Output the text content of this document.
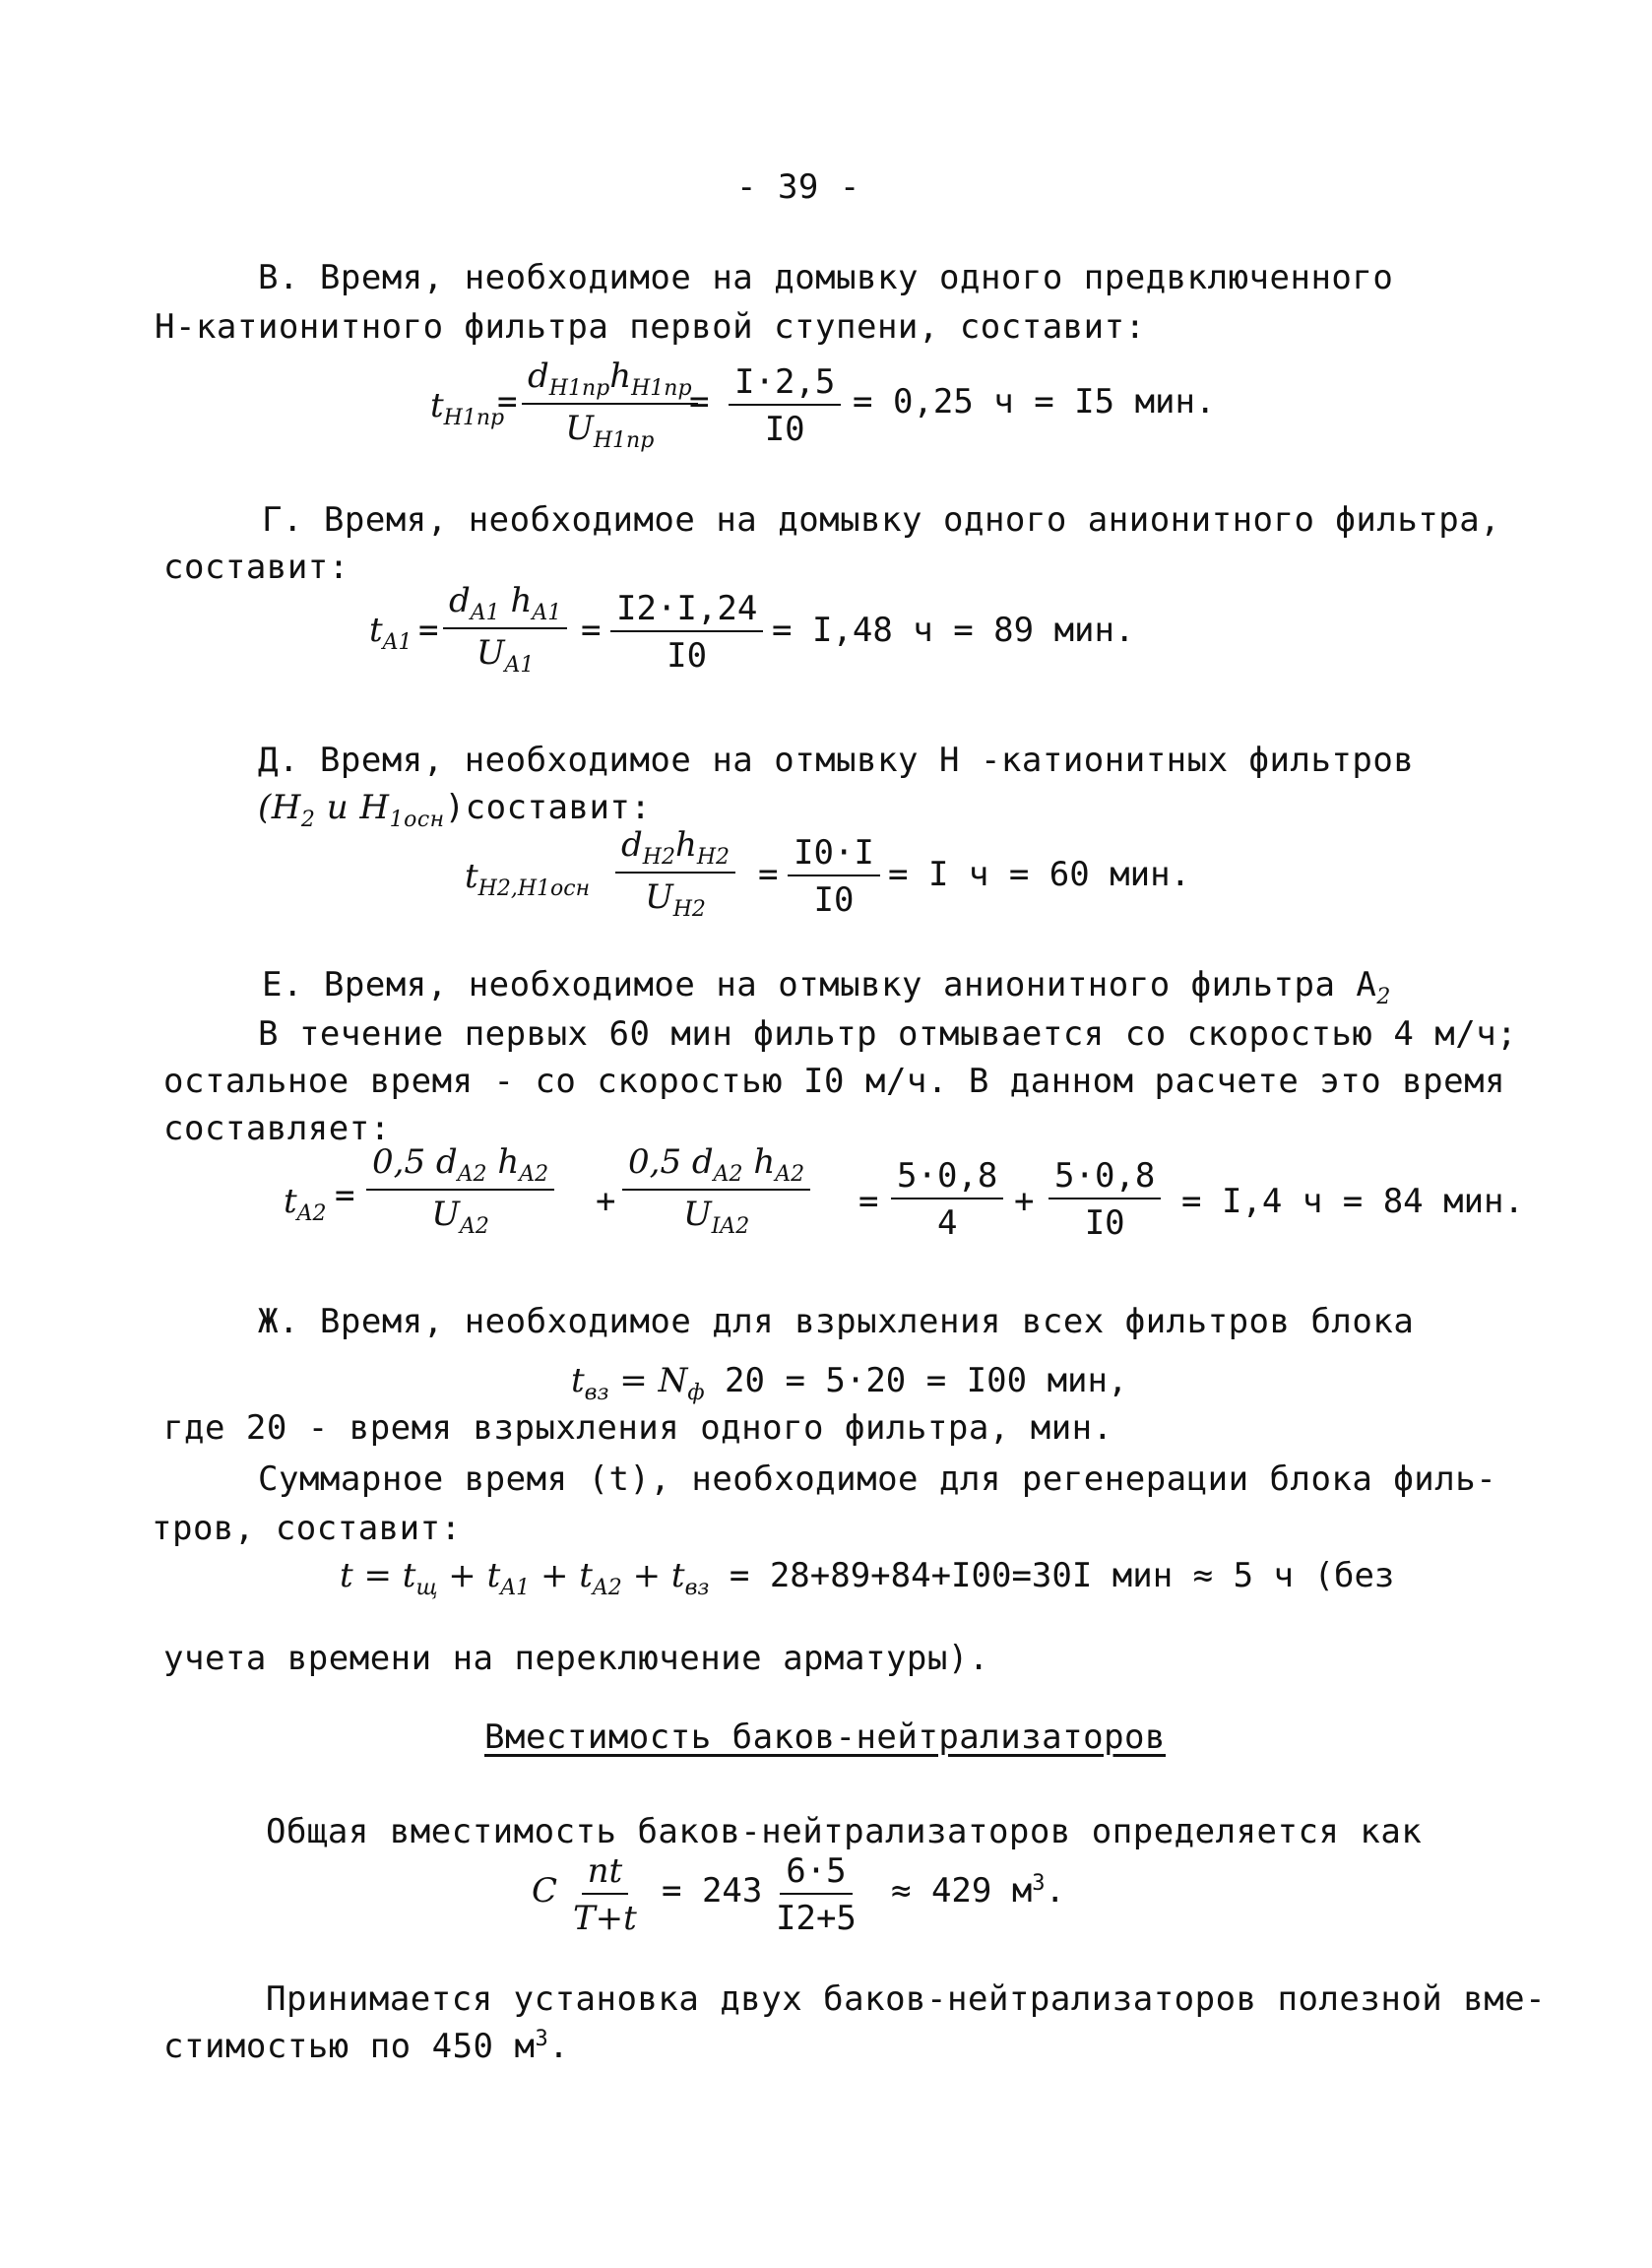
- 39 -
В. Время, необходимое на домывку одного предвключенного
Н-катионитного фильтра первой ступени, составит:
$t_{H1пр}$
=
$d_{H1пр}h_{H1пр}$
$U_{H1пр}$
= $\frac{I\cdot 2,5}{I0} = 0,25$ ч = I5 мин.
Г. Время, необходимое на домывку одного анионитного фильтра,
составит:
$t_{A1} = \frac{d_{A1} h_{A1}}{U_{A1}} = \frac{I2\cdot I,24}{I0} = I,48$ ч = 89 мин.
Д. Время, необходимое на отмывку Н -катионитных фильтров
($H_2$ и $H_{1осн})составит$:
$t_{H2,H1осн} \frac{d_{H2}h_{H2}}{U_{H2}} = \frac{I0\cdot I}{I0} = I$ ч = 60 мин.
Е. Время, необходимое на отмывку анионитного фильтра $A_2$
В течение первых 60 мин фильтр отмывается со скоростью 4 м/ч;
остальное время - со скоростью I0 м/ч. В данном расчете это время
составляет:
$t_{A2} = \frac{0,5 d_{A2} h_{A2}}{U_{A2}}$ +
0,5 $d_{A2}$ $h_{A2}$
$U_{IA2}$
= $\frac{5\cdot 0,8}{4} + \frac{5\cdot 0,8}{I0} = I,4$ ч = 84 мин.
Ж. Время, необходимое для взрыхления всех фильтров блока
$t_{вз} = N_ф$ 20 = 5·20 = I00 мин,
где 20 - время взрыхления одного фильтра, мин.
Суммарное время (t), необходимое для регенерации блока филь-
тров, составит:
$t = t_щ + t_{A1} + t_{A2} + t_{вз} = 28+89+84+I00=30I$ мин ≈ 5 ч (без
учета времени на переключение арматуры).
Вместимость баков-нейтрализаторов
Общая вместимость баков-нейтрализаторов определяется как
C $\frac{nt}{T+t} = 243 \frac{6\cdot 5}{I2+5} \approx 429$ $м^3$.
Принимается установка двух баков-нейтрализаторов полезной вме-
стимостью по 450 $м^3$.
